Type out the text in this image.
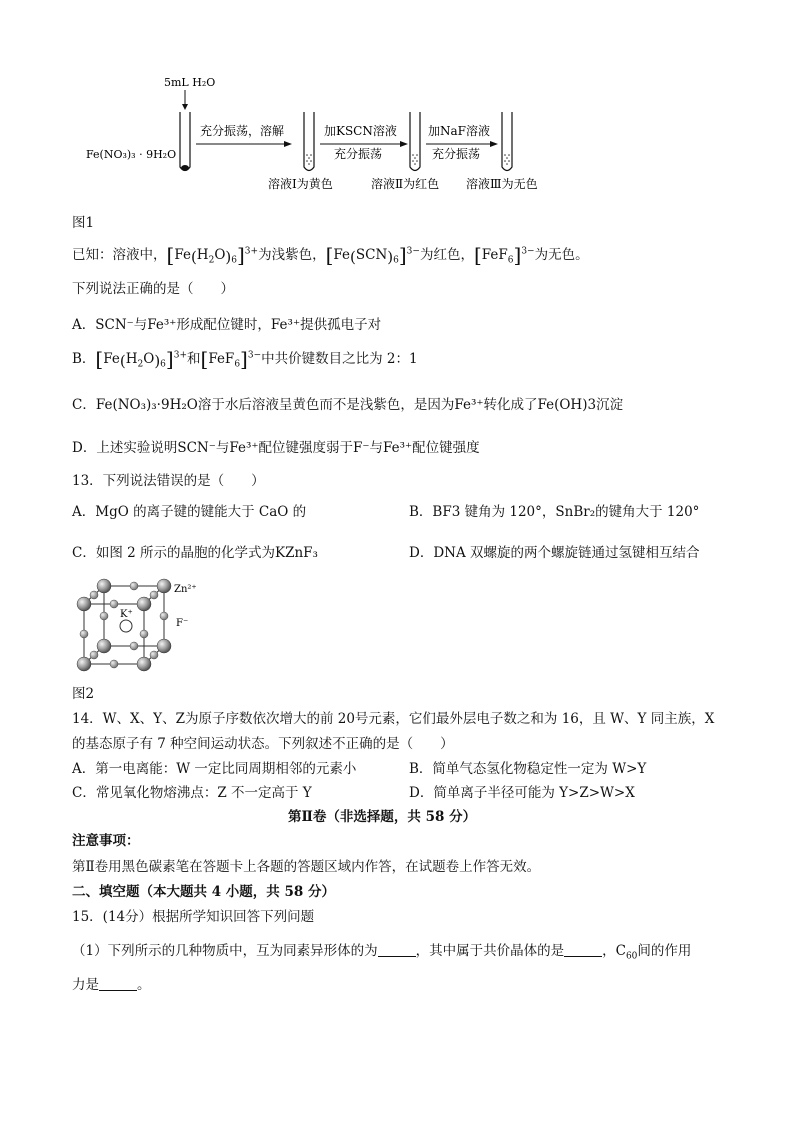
5mL H₂O
Fe(NO₃)₃ · 9H₂O
充分振荡，溶解	加KSCN溶液
充分振荡
加NaF溶液
充分振荡
溶液Ⅰ为黄色	溶液Ⅱ为红色 溶液Ⅲ为无色
图1
已知：溶液中，$[Fe(H_2O)_6]^{3+}$为浅紫色，$[Fe(SCN)_6]^{3-}$为红色，$[FeF_6]^{3-}$为无色。
下列说法正确的是（　　）
A．SCN⁻与Fe³⁺形成配位键时，Fe³⁺提供孤电子对
B．$[Fe(H_2O)_6]^{3+}$和$[FeF_6]^{3-}$中共价键数目之比为 2：1
C．Fe(NO₃)₃·9H₂O溶于水后溶液呈黄色而不是浅紫色，是因为Fe³⁺转化成了Fe(OH)3沉淀
D．上述实验说明SCN⁻与Fe³⁺配位键强度弱于F⁻与Fe³⁺配位键强度
13．下列说法错误的是（　　）
A．MgO 的离子键的键能大于 CaO 的	B．BF3 键角为 120°，SnBr₂的键角大于 120°
C．如图 2 所示的晶胞的化学式为KZnF₃	D．DNA 双螺旋的两个螺旋链通过氢键相互结合
K⁺
Zn²⁺
F⁻
图2
14．W、X、Y、Z为原子序数依次增大的前 20号元素，它们最外层电子数之和为 16，且 W、Y 同主族，X
的基态原子有 7 种空间运动状态。下列叙述不正确的是（　　）
A．第一电离能：W 一定比同周期相邻的元素小	B．简单气态氢化物稳定性一定为 W>Y
C．常见氧化物熔沸点：Z 不一定高于 Y	D．简单离子半径可能为 Y>Z>W>X
第Ⅱ卷（非选择题，共 58 分）
注意事项：
第Ⅱ卷用黑色碳素笔在答题卡上各题的答题区域内作答，在试题卷上作答无效。
二、填空题（本大题共 4 小题，共 58 分）
15．(14分）根据所学知识回答下列问题
（1）下列所示的几种物质中，互为同素异形体的为	，其中属于共价晶体的是	，$C_{60}$间的作用
力是	。
